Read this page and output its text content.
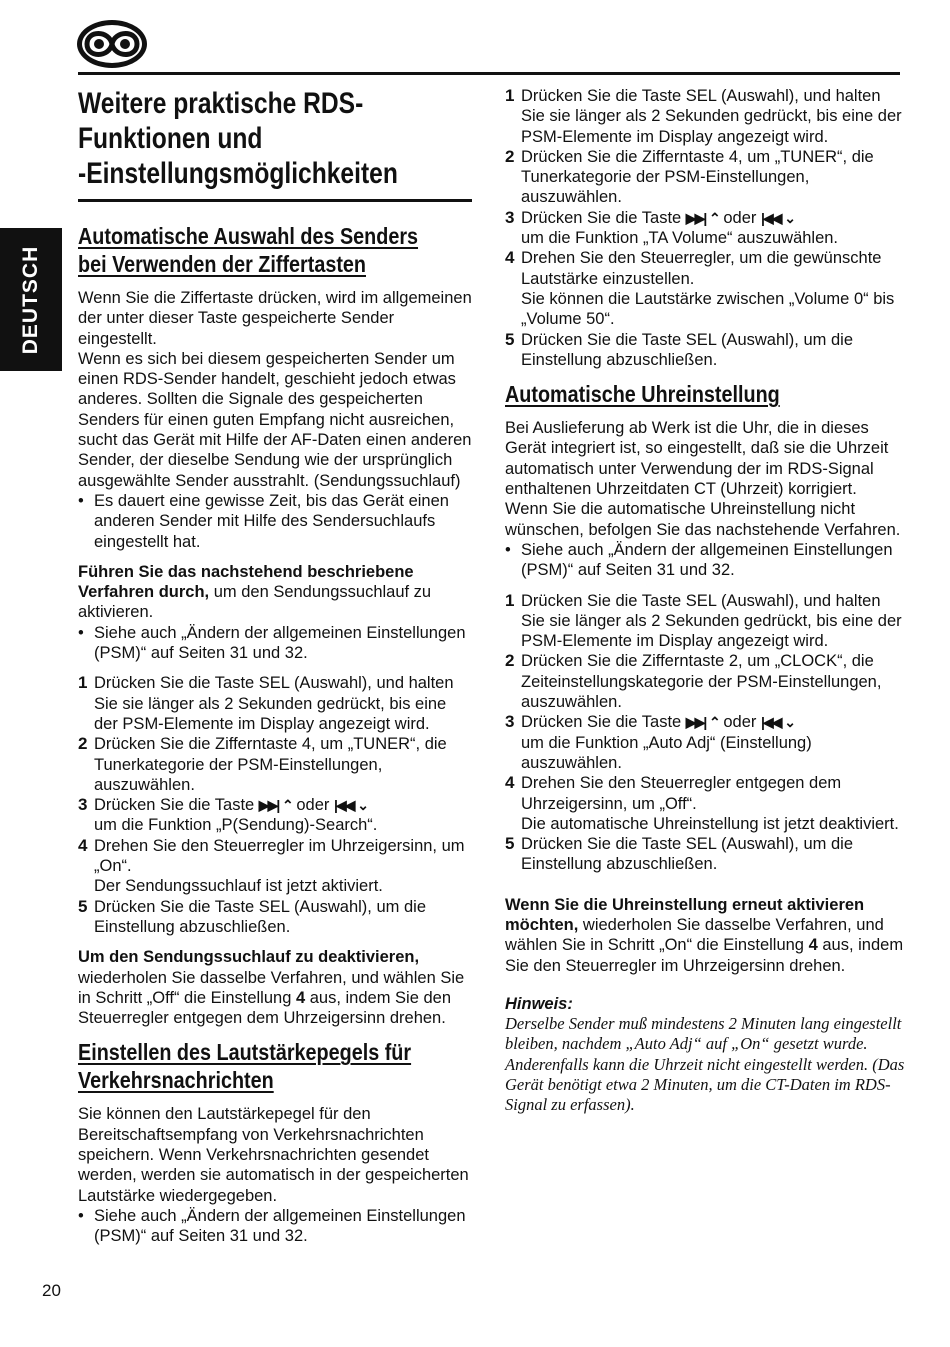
DEUTSCH
20
Weitere praktische RDS-
Funktionen und
-Einstellungsmöglichkeiten
Automatische Auswahl des Senders
bei Verwenden der Ziffertasten

Wenn Sie die Ziffertaste drücken, wird im allgemeinen der unter dieser Taste gespeicherte Sender eingestellt.

Wenn es sich bei diesem gespeicherten Sender um einen RDS-Sender handelt, geschieht jedoch etwas anderes. Sollten die Signale des gespeicherten Senders für einen guten Empfang nicht ausreichen, sucht das Gerät mit Hilfe der AF-Daten einen anderen Sender, der dieselbe Sendung wie der ursprünglich ausgewählte Sender ausstrahlt. (Sendungssuchlauf)

• Es dauert eine gewisse Zeit, bis das Gerät einen anderen Sender mit Hilfe des Sendersuchlaufs eingestellt hat.

Führen Sie das nachstehend beschriebene Verfahren durch, um den Sendungssuchlauf zu aktivieren.

• Siehe auch „Ändern der allgemeinen Einstellungen (PSM)“ auf Seiten 31 und 32.
1 Drücken Sie die Taste SEL (Auswahl), und halten Sie sie länger als 2 Sekunden gedrückt, bis eine der PSM-Elemente im Display angezeigt wird.
2 Drücken Sie die Zifferntaste 4, um „TUNER“, die Tunerkategorie der PSM-Einstellungen, auszuwählen.
3 Drücken Sie die Taste ▶▶|  ⌃ oder |◀◀  ⌄
um die Funktion „P(Sendung)-Search“.
4 Drehen Sie den Steuerregler im Uhrzeigersinn, um „On“.
Der Sendungssuchlauf ist jetzt aktiviert.
5 Drücken Sie die Taste SEL (Auswahl), um die Einstellung abzuschließen.

Um den Sendungssuchlauf zu deaktivieren, wiederholen Sie dasselbe Verfahren, und wählen Sie in Schritt „Off“ die Einstellung 4 aus, indem Sie den Steuerregler entgegen dem Uhrzeigersinn drehen.

Einstellen des Lautstärkepegels für
Verkehrsnachrichten

Sie können den Lautstärkepegel für den Bereitschaftsempfang von Verkehrsnachrichten speichern. Wenn Verkehrsnachrichten gesendet werden, werden sie automatisch in der gespeicherten Lautstärke wiedergegeben.

• Siehe auch „Ändern der allgemeinen Einstellungen (PSM)“ auf Seiten 31 und 32.
1 Drücken Sie die Taste SEL (Auswahl), und halten Sie sie länger als 2 Sekunden gedrückt, bis eine der PSM-Elemente im Display angezeigt wird.
2 Drücken Sie die Zifferntaste 4, um „TUNER“, die Tunerkategorie der PSM-Einstellungen, auszuwählen.
3 Drücken Sie die Taste ▶▶|  ⌃ oder |◀◀  ⌄
um die Funktion „TA Volume“ auszuwählen.
4 Drehen Sie den Steuerregler, um die gewünschte Lautstärke einzustellen.
Sie können die Lautstärke zwischen „Volume 0“ bis „Volume 50“.
5 Drücken Sie die Taste SEL (Auswahl), um die Einstellung abzuschließen.
Automatische Uhreinstellung

Bei Auslieferung ab Werk ist die Uhr, die in dieses Gerät integriert ist, so eingestellt, daß sie die Uhrzeit automatisch unter Verwendung der im RDS-Signal enthaltenen Uhrzeitdaten CT (Uhrzeit) korrigiert.

Wenn Sie die automatische Uhreinstellung nicht wünschen, befolgen Sie das nachstehende Verfahren.

• Siehe auch „Ändern der allgemeinen Einstellungen (PSM)“ auf Seiten 31 und 32.
1 Drücken Sie die Taste SEL (Auswahl), und halten Sie sie länger als 2 Sekunden gedrückt, bis eine der PSM-Elemente im Display angezeigt wird.
2 Drücken Sie die Zifferntaste 2, um „CLOCK“, die Zeiteinstellungskategorie der PSM-Einstellungen, auszuwählen.
3 Drücken Sie die Taste ▶▶|  ⌃ oder |◀◀  ⌄
um die Funktion „Auto Adj“ (Einstellung) auszuwählen.
4 Drehen Sie den Steuerregler entgegen dem Uhrzeigersinn, um „Off“.
Die automatische Uhreinstellung ist jetzt deaktiviert.
5 Drücken Sie die Taste SEL (Auswahl), um die Einstellung abzuschließen.

Wenn Sie die Uhreinstellung erneut aktivieren möchten, wiederholen Sie dasselbe Verfahren, und wählen Sie in Schritt „On“ die Einstellung 4 aus, indem Sie den Steuerregler im Uhrzeigersinn drehen.

Hinweis:
Derselbe Sender muß mindestens 2 Minuten lang eingestellt bleiben, nachdem „Auto Adj“ auf „On“ gesetzt wurde. Anderenfalls kann die Uhrzeit nicht eingestellt werden. (Das Gerät benötigt etwa 2 Minuten, um die CT-Daten im RDS-Signal zu erfassen).
